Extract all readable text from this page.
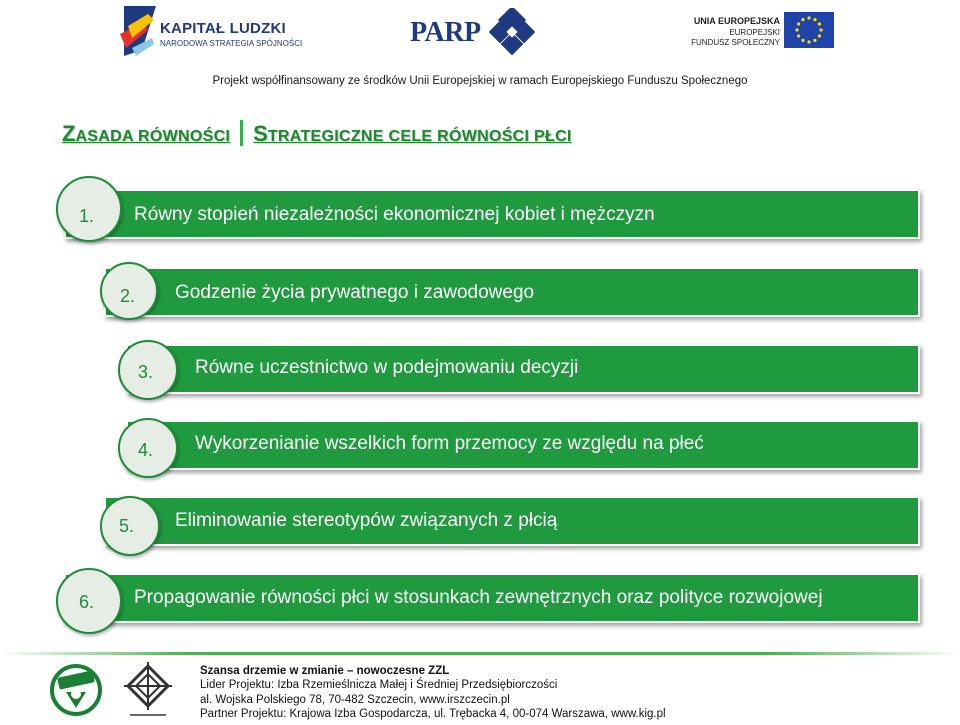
KAPITAŁ LUDZKI
NARODOWA STRATEGIA SPÓJNOŚCI	PARP	UNIA EUROPEJSKA
EUROPEJSKI
FUNDUSZ SPOŁECZNY
Projekt współfinansowany ze środków Unii Europejskiej w ramach Europejskiego Funduszu Społecznego
ZASADA RÓWNOŚCI STRATEGICZNE CELE RÓWNOŚCI PŁCI
1. Równy stopień niezależności ekonomicznej kobiet i mężczyzn
2. Godzenie życia prywatnego i zawodowego
3. Równe uczestnictwo w podejmowaniu decyzji
4. Wykorzenianie wszelkich form przemocy ze względu na płeć
5. Eliminowanie stereotypów związanych z płcią
6. Propagowanie równości płci w stosunkach zewnętrznych oraz polityce rozwojowej
Szansa drzemie w zmianie – nowoczesne ZZL
Lider Projektu: Izba Rzemieślnicza Małej i Średniej Przedsiębiorczości
al. Wojska Polskiego 78, 70-482 Szczecin, www.irszczecin.pl
Partner Projektu: Krajowa Izba Gospodarcza, ul. Trębacka 4, 00-074 Warszawa, www.kig.pl
